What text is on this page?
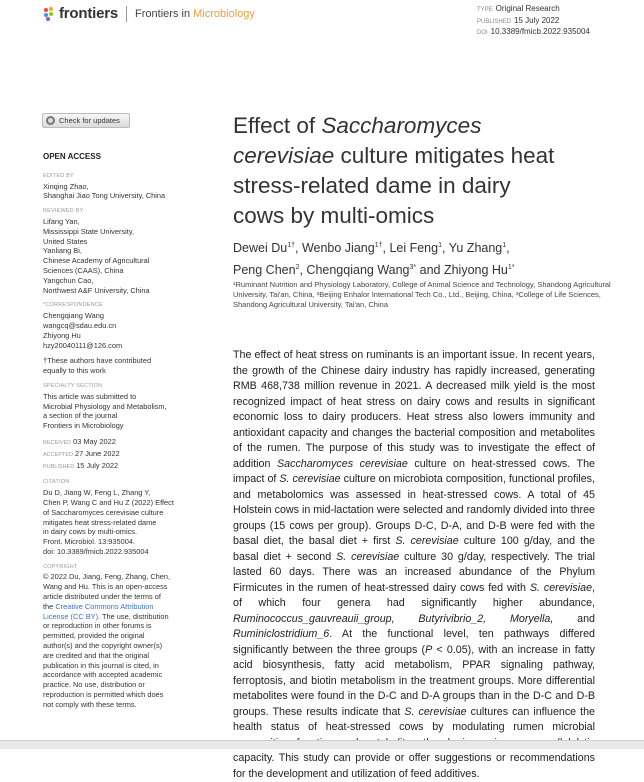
frontiers Frontiers in Microbiology	TYPE Original Research
PUBLISHED 15 July 2022
DOI 10.3389/fmicb.2022.935004
Check for updates
OPEN ACCESS
EDITED BY
Xinqing Zhao,
Shanghai Jiao Tong University, China
REVIEWED BY
Lifang Yan,
Mississippi State University,
United States
Yanliang Bi,
Chinese Academy of Agricultural
Sciences (CAAS), China
Yangchun Cao,
Northwest A&F University, China
*CORRESPONDENCE
Chengqiang Wang
wangcq@sdau.edu.cn
Zhiyong Hu
hzy20040111@126.com
†These authors have contributed
equally to this work
SPECIALTY SECTION
This article was submitted to
Microbial Physiology and Metabolism,
a section of the journal
Frontiers in Microbiology
RECEIVED 03 May 2022
ACCEPTED 27 June 2022
PUBLISHED 15 July 2022
CITATION
Du D, Jiang W, Feng L, Zhang Y,
Chen P, Wang C and Hu Z (2022) Effect
of Saccharomyces cerevisiae culture
mitigates heat stress-related dame
in dairy cows by multi-omics.
Front. Microbiol. 13:935004.
doi: 10.3389/fmicb.2022.935004
COPYRIGHT
© 2022 Du, Jiang, Feng, Zhang, Chen,
Wang and Hu. This is an open-access
article distributed under the terms of
the Creative Commons Attribution
License (CC BY). The use, distribution
or reproduction in other forums is
permitted, provided the original
author(s) and the copyright owner(s)
are credited and that the original
publication in this journal is cited, in
accordance with accepted academic
practice. No use, distribution or
reproduction is permitted which does
not comply with these terms.
Effect of Saccharomyces
cerevisiae culture mitigates heat
stress-related dame in dairy
cows by multi-omics
Dewei $Du^{1\dagger}$, Wenbo Jiang$^{1\dagger}$, Lei Feng$^1$, Yu Zhang$^1$,
Peng Chen$^2$, Chengqiang Wang$^{3*}$ and Zhiyong $Hu^{1*}$
¹Ruminant Nutrition and Physiology Laboratory, College of Animal Science and Technology, Shandong Agricultural University, Tai'an, China, ²Beijing Enhalor International Tech Co., Ltd., Beijing, China, ³College of Life Sciences, Shandong Agricultural University, Tai'an, China
The effect of heat stress on ruminants is an important issue. In recent years, the growth of the Chinese dairy industry has rapidly increased, generating RMB 468,738 million revenue in 2021. A decreased milk yield is the most recognized impact of heat stress on dairy cows and results in significant economic loss to dairy producers. Heat stress also lowers immunity and antioxidant capacity and changes the bacterial composition and metabolites of the rumen. The purpose of this study was to investigate the effect of addition Saccharomyces cerevisiae culture on heat-stressed cows. The impact of S. cerevisiae culture on microbiota composition, functional profiles, and metabolomics was assessed in heat-stressed cows. A total of 45 Holstein cows in mid-lactation were selected and randomly divided into three groups (15 cows per group). Groups D-C, D-A, and D-B were fed with the basal diet, the basal diet + first S. cerevisiae culture 100 g/day, and the basal diet + second S. cerevisiae culture 30 g/day, respectively. The trial lasted 60 days. There was an increased abundance of the Phylum Firmicutes in the rumen of heat-stressed dairy cows fed with S. cerevisiae, of which four genera had significantly higher abundance, Ruminococcus_gauvreauii_group, Butyrivibrio_2, Moryella, and Ruminiclostridium_6. At the functional level, ten pathways differed significantly between the three groups (P < 0.05), with an increase in fatty acid biosynthesis, fatty acid metabolism, PPAR signaling pathway, ferroptosis, and biotin metabolism in the treatment groups. More differential metabolites were found in the D-C and D-A groups than in the D-C and D-B groups. These results indicate that S. cerevisiae cultures can influence the health status of heat-stressed cows by modulating rumen microbial capacity. This study can provide or offer suggestions or recommendations for the development and utilization of feed additives.
